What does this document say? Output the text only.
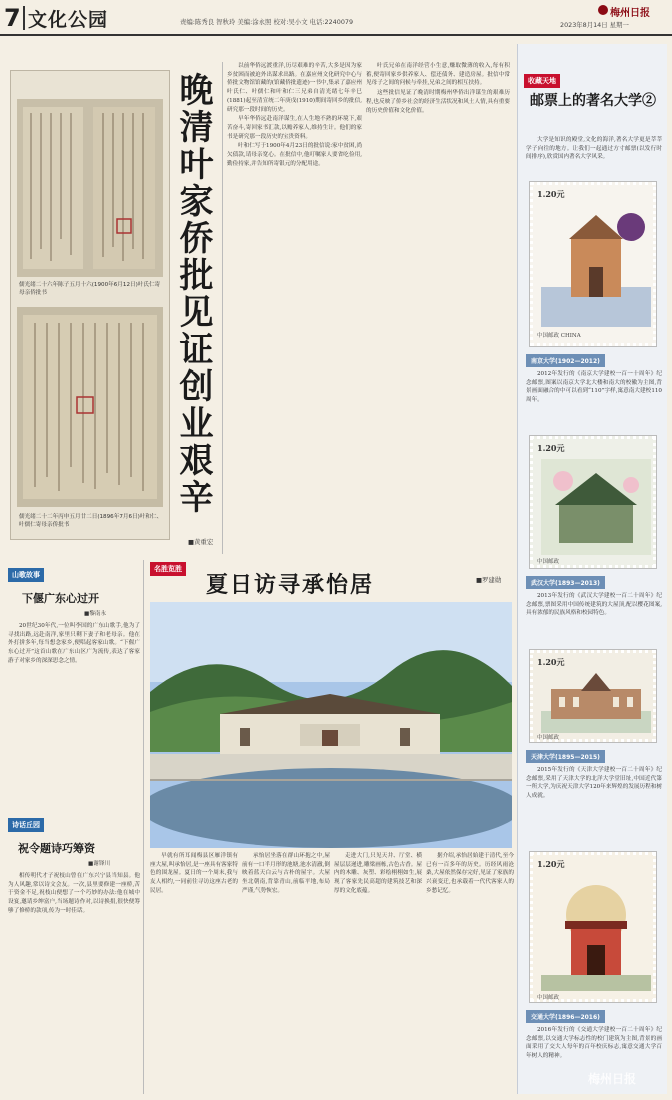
7 文化公园	责编:陈秀良 智秋玲 美编:涂永照 校对:吴小文 电话:2240079
梅州日报
2023年8月14日 星期一
儒光绪二十六年陈子五月十六(1900年6月12日)叶氏仁寄母亲侨批书
儒光绪二十二年丙申五月廿二日(1896年7月6日)叶和仁、叶儒仁寄母亲侨批书
晚清叶家侨批见证创业艰辛
■黄重宏

以前华侨远渡重洋,历尽艰难的辛苦,大多是因为家乡贫困而被迫外出谋求出路。在嘉应州文化研究中心与侨批文物馆馆藏的(馆藏侨批遗迹)一书中,集录了嘉应州叶氏仁、叶儒仁和叶和仁三兄弟自清光绪七年辛巳(1881)起至清宣统二年庚戌(1910)期间寄回乡的批信,研究那一段时间的历史。

早年华侨远赴南洋谋生,在人生地不熟的环境下,艰苦奋斗,寄回家书汇款,以赡养家人,维持生计。他们的家书是研究那一段历史的宝贵资料。

叶和仁写于1900年4月23日的批信说:家中贫困,尚欠债款,请母亲宽心。在批信中,他叮嘱家人要省吃俭用,勤俭持家,并告知所寄银元的分配用途。

叶氏兄弟在南洋经营小生意,赚取微薄的收入,每有积蓄,便寄回家乡供养家人、偿还债务、建造房屋。批信中常见母子之间的问候与牵挂,兄弟之间的相互扶持。

这些批信见证了晚清时期梅州华侨出洋谋生的艰难历程,也反映了侨乡社会的经济生活状况和风土人情,具有重要的历史价值和文化价值。

收藏天地
邮票上的著名大学②
大学是知识的殿堂,文化的海洋,著名大学更是莘莘学子向往的地方。让我们一起通过方寸邮票(以发行时间排序),欣赏国内著名大学风采。
1.20元
中国邮政 CHINA
南京大学(1902—2012)
2012年发行的《南京大学建校一百一十周年》纪念邮票,图案以南京大学北大楼和南大的校徽为主图,背景画面融合的中可以看到“110”字样,寓意南大建校110周年。
1.20元
中国邮政
武汉大学(1893—2013)
2013年发行的《武汉大学建校一百二十周年》纪念邮票,票图采用中国传统建筑的大屋顶,配以樱花图案,具有浓郁的民族风格和校园特色。
1.20元
中国邮政
天津大学(1895—2015)
2015年发行的《天津大学建校一百二十周年》纪念邮票,采用了天津大学的北洋大学堂旧址,中国近代第一所大学,为庆祝天津大学120年来辉煌的发展历程和树人成就。
1.20元
中国邮政
交通大学(1896—2016)
2016年发行的《交通大学建校一百二十周年》纪念邮票,以交通大学标志性的校门建筑为主图,背景的画面采用了交大人每年的百年校庆标志,寓意交通大学百年树人的精神。
山歌故事
下偃广东心过开
■黎南永
20世纪30年代,一位叫李国的广东山歌手,他为了寻找出路,远赴南洋,家里只剩下妻子和老母亲。他在外打拼多年,每当想念家乡,便唱起客家山歌。“下偃广东心过开”这首山歌在广东山区广为流传,表达了客家游子对家乡的深深思念之情。
诗话丘园
祝令题诗巧筹资
■谢锋川
相传明代才子祝枝山曾在广东兴宁县当知县。他为人风趣,常以诗文会友。一次,县里要修建一座桥,苦于资金不足,祝枝山便想了一个巧妙的办法:他在城中设宴,邀请乡绅富户,当场题诗作对,以诗换捐,很快便筹够了修桥的款项,传为一时佳话。
名胜览胜
夏日访寻承怡居	■罗建勋
早就有所耳闻梅县区雁洋镇有座大屋,叫承怡居,是一座具有客家特色的围龙屋。夏日的一个周末,我与友人相约,一同前往寻访这座古老的民居。
承怡居坐落在群山环抱之中,屋前有一口半月形的池塘,池水清澈,倒映着蓝天白云与古朴的屋宇。大屋坐北朝南,背靠青山,前临平地,布局严谨,气势恢宏。
走进大门,只见天井、厅堂、横屋层层递进,雕梁画栋,古色古香。屋内的木雕、灰塑、彩绘栩栩如生,展现了客家先民高超的建筑技艺和深厚的文化底蕴。
据介绍,承怡居始建于清代,至今已有一百多年的历史。历经风雨沧桑,大屋依然保存完好,见证了家族的兴衰变迁,也承载着一代代客家人的乡愁记忆。
梅州日报
